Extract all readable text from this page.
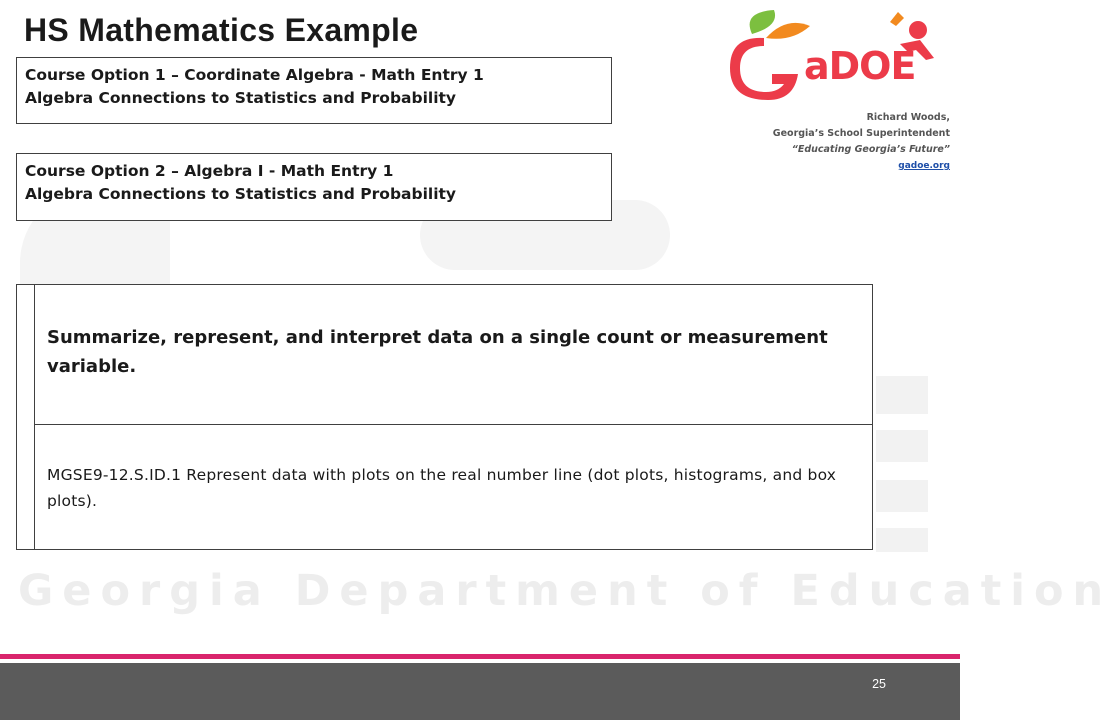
Georgia Department of Education
HS Mathematics Example
Course Option 1 – Coordinate Algebra - Math Entry 1
Algebra Connections to Statistics and Probability
Course Option 2 – Algebra I - Math Entry 1
Algebra Connections to Statistics and Probability
Summarize, represent, and interpret data on a single count or measurement variable.
MGSE9-12.S.ID.1 Represent data with plots on the real number line (dot plots, histograms, and box plots).
aDOE
Richard Woods,
Georgia’s School Superintendent
“Educating Georgia’s Future”
gadoe.org
25
